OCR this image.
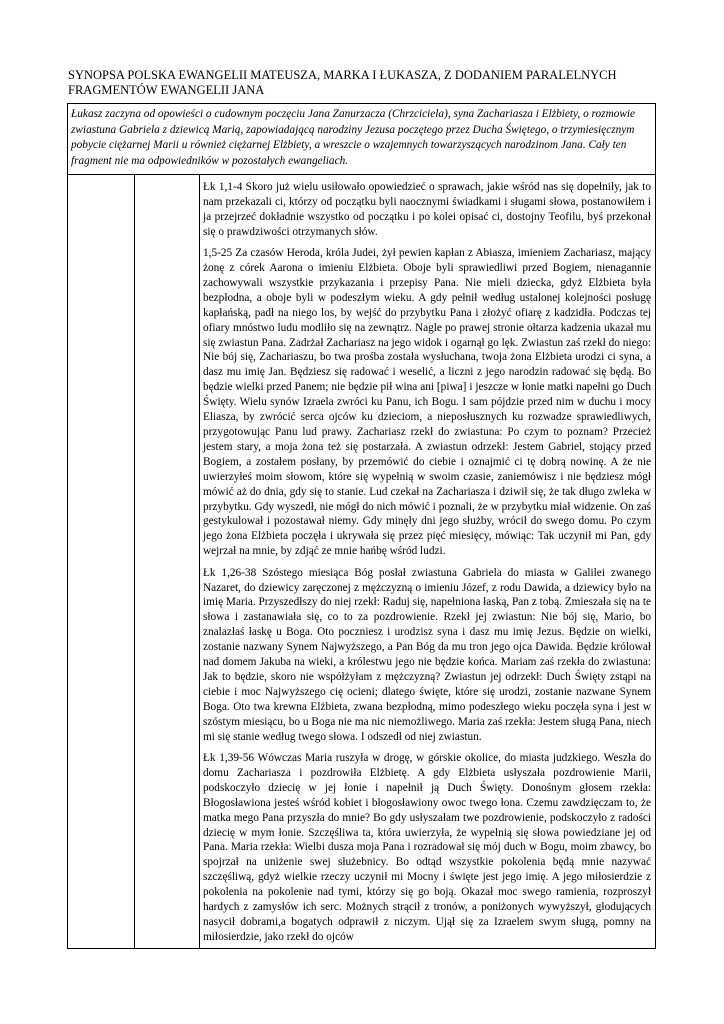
SYNOPSA POLSKA EWANGELII MATEUSZA, MARKA I ŁUKASZA, Z DODANIEM PARALELNYCH
FRAGMENTÓW EWANGELII JANA
Łukasz zaczyna od opowieści o cudownym poczęciu Jana Zanurzacza (Chrzciciela), syna Zachariasza i Elżbiety, o rozmowie zwiastuna Gabriela z dziewicą Marią, zapowiadającą narodziny Jezusa poczętego przez Ducha Świętego, o trzymiesięcznym pobycie ciężarnej Marii u również ciężarnej Elżbiety, a wreszcie o wzajemnych towarzyszących narodzinom Jana. Cały ten fragment nie ma odpowiedników w pozostałych ewangeliach.

Łk 1,1-4 Skoro już wielu usiłowało opowiedzieć o sprawach, jakie wśród nas się dopełniły, jak to nam przekazali ci, którzy od początku byli naocznymi świadkami i sługami słowa, postanowiłem i ja przejrzeć dokładnie wszystko od początku i po kolei opisać ci, dostojny Teofilu, byś przekonał się o prawdziwości otrzymanych słów.

1,5-25 Za czasów Heroda, króla Judei, żył pewien kapłan z Abiasza, imieniem Zachariasz, mający żonę z córek Aarona o imieniu Elżbieta. Oboje byli sprawiedliwi przed Bogiem, nienagannie zachowywali wszystkie przykazania i przepisy Pana. Nie mieli dziecka, gdyż Elżbieta była bezpłodna, a oboje byli w podeszłym wieku. A gdy pełnił według ustalonej kolejności posługę kapłańską, padł na niego los, by wejść do przybytku Pana i złożyć ofiarę z kadzidła. Podczas tej ofiary mnóstwo ludu modliło się na zewnątrz. Nagle po prawej stronie ołtarza kadzenia ukazał mu się zwiastun Pana. Zadrżał Zachariasz na jego widok i ogarnął go lęk. Zwiastun zaś rzekł do niego: Nie bój się, Zachariaszu, bo twa prośba została wysłuchana, twoja żona Elżbieta urodzi ci syna, a dasz mu imię Jan. Będziesz się radować i weselić, a liczni z jego narodzin radować się będą. Bo będzie wielki przed Panem; nie będzie pił wina ani [piwa] i jeszcze w łonie matki napełni go Duch Święty. Wielu synów Izraela zwróci ku Panu, ich Bogu. I sam pójdzie przed nim w duchu i mocy Eliasza, by zwrócić serca ojców ku dzieciom, a nieposłusznych ku rozwadze sprawiedliwych, przygotowując Panu lud prawy. Zachariasz rzekł do zwiastuna: Po czym to poznam? Przecież jestem stary, a moja żona też się postarzała. A zwiastun odrzekł: Jestem Gabriel, stojący przed Bogiem, a zostałem posłany, by przemówić do ciebie i oznajmić ci tę dobrą nowinę. A że nie uwierzyłeś moim słowom, które się wypełnią w swoim czasie, zaniemówisz i nie będziesz mógł mówić aż do dnia, gdy się to stanie. Lud czekał na Zachariasza i dziwił się, że tak długo zwleka w przybytku. Gdy wyszedł, nie mógł do nich mówić i poznali, że w przybytku miał widzenie. On zaś gestykulował i pozostawał niemy. Gdy minęły dni jego służby, wrócił do swego domu. Po czym jego żona Elżbieta poczęła i ukrywała się przez pięć miesięcy, mówiąc: Tak uczynił mi Pan, gdy wejrzał na mnie, by zdjąć ze mnie hańbę wśród ludzi.

Łk 1,26-38 Szóstego miesiąca Bóg posłał zwiastuna Gabriela do miasta w Galilei zwanego Nazaret, do dziewicy zaręczonej z mężczyzną o imieniu Józef, z rodu Dawida, a dziewicy było na imię Maria. Przyszedłszy do niej rzekł: Raduj się, napełniona łaską, Pan z tobą. Zmieszała się na te słowa i zastanawiała się, co to za pozdrowienie. Rzekł jej zwiastun: Nie bój się, Mario, bo znalazłaś łaskę u Boga. Oto poczniesz i urodzisz syna i dasz mu imię Jezus. Będzie on wielki, zostanie nazwany Synem Najwyższego, a Pan Bóg da mu tron jego ojca Dawida. Będzie królował nad domem Jakuba na wieki, a królestwu jego nie będzie końca. Mariam zaś rzekła do zwiastuna: Jak to będzie, skoro nie współżyłam z mężczyzną? Zwiastun jej odrzekł: Duch Święty zstąpi na ciebie i moc Najwyższego cię ocieni; dlatego święte, które się urodzi, zostanie nazwane Synem Boga. Oto twa krewna Elżbieta, zwana bezpłodną, mimo podeszłego wieku poczęła syna i jest w szóstym miesiącu, bo u Boga nie ma nic niemożliwego. Maria zaś rzekła: Jestem sługą Pana, niech mi się stanie według twego słowa. I odszedł od niej zwiastun.

Łk 1,39-56 Wówczas Maria ruszyła w drogę, w górskie okolice, do miasta judzkiego. Weszła do domu Zachariasza i pozdrowiła Elżbietę. A gdy Elżbieta usłyszała pozdrowienie Marii, podskoczyło dziecię w jej łonie i napełnił ją Duch Święty. Donośnym głosem rzekła: Błogosławiona jesteś wśród kobiet i błogosławiony owoc twego łona. Czemu zawdzięczam to, że matka mego Pana przyszła do mnie? Bo gdy usłyszałam twe pozdrowienie, podskoczyło z radości dziecię w mym łonie. Szczęśliwa ta, która uwierzyła, że wypełnią się słowa powiedziane jej od Pana. Maria rzekła: Wielbi dusza moja Pana i rozradował się mój duch w Bogu, moim zbawcy, bo spojrzał na uniżenie swej służebnicy. Bo odtąd wszystkie pokolenia będą mnie nazywać szczęśliwą, gdyż wielkie rzeczy uczynił mi Mocny i święte jest jego imię. A jego miłosierdzie z pokolenia na pokolenie nad tymi, którzy się go boją. Okazał moc swego ramienia, rozproszył hardych z zamysłów ich serc. Możnych strącił z tronów, a poniżonych wywyższył, głodujących nasycił dobrami,a bogatych odprawił z niczym. Ujął się za Izraelem swym sługą, pomny na miłosierdzie, jako rzekł do ojców
